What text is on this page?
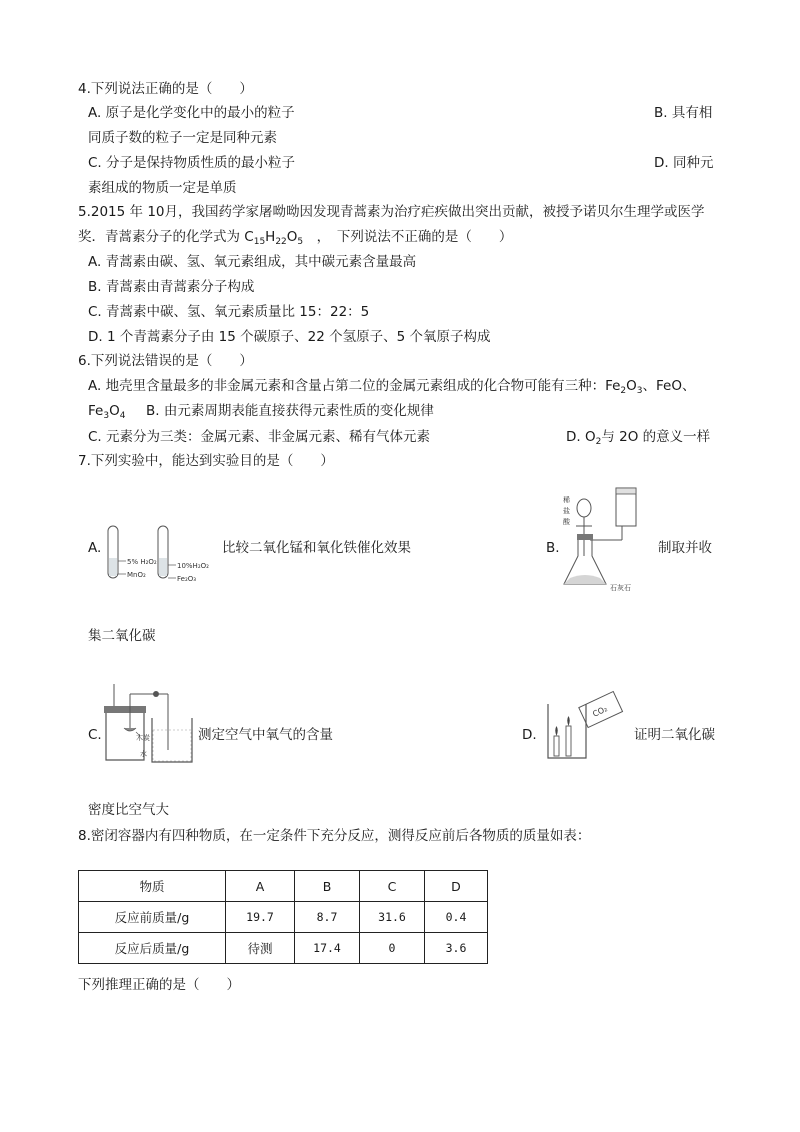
4.下列说法正确的是（　　）
A. 原子是化学变化中的最小的粒子	B. 具有相
同质子数的粒子一定是同种元素
C. 分子是保持物质性质的最小粒子	D. 同种元
素组成的物质一定是单质
5.2015 年 10月，我国药学家屠呦呦因发现青蒿素为治疗疟疾做出突出贡献，被授予诺贝尔生理学或医学
奖．青蒿素分子的化学式为 $C_{15}H_{22}O_5$　，　下列说法不正确的是（　　）
A. 青蒿素由碳、氢、氧元素组成，其中碳元素含量最高
B. 青蒿素由青蒿素分子构成
C. 青蒿素中碳、氢、氧元素质量比 15：22：5
D. 1 个青蒿素分子由 15 个碳原子、22 个氢原子、5 个氧原子构成
6.下列说法错误的是（　　）
A. 地壳里含量最多的非金属元素和含量占第二位的金属元素组成的化合物可能有三种：$Fe_2O_3$、FeO、
$Fe_3O_4$ B. 由元素周期表能直接获得元素性质的变化规律
C. 元素分为三类：金属元素、非金属元素、稀有气体元素	D. $O_2$与 2O 的意义一样
7.下列实验中，能达到实验目的是（　　）
A.
5% H₂O₂
MnO₂
10%H₂O₂
Fe₂O₃
比较二氧化锰和氧化铁催化效果	B.
稀
盐
酸
石灰石
制取并收
集二氧化碳
C.	木炭
水
测定空气中氧气的含量	D.
CO₂
证明二氧化碳
密度比空气大
8.密闭容器内有四种物质，在一定条件下充分反应，测得反应前后各物质的质量如表：
物质	A	B	C	D
反应前质量/g	19.7	8.7	31.6	0.4
反应后质量/g	待测	17.4	0	3.6
下列推理正确的是（　　）
